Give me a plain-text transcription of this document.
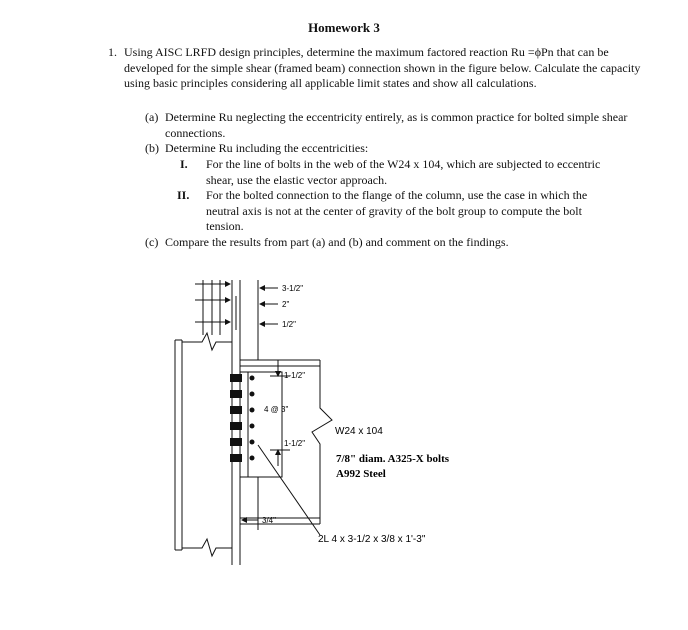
Homework 3
1. Using AISC LRFD design principles, determine the maximum factored reaction Ru =ϕPn that can be developed for the simple shear (framed beam) connection shown in the figure below. Calculate the capacity using basic principles considering all applicable limit states and show all calculations.
(a) Determine Ru neglecting the eccentricity entirely, as is common practice for bolted simple shear connections.
(b) Determine Ru including the eccentricities:
I. For the line of bolts in the web of the W24 x 104, which are subjected to eccentric shear, use the elastic vector approach.
II. For the bolted connection to the flange of the column, use the case in which the neutral axis is not at the center of gravity of the bolt group to compute the bolt tension.
(c) Compare the results from part (a) and (b) and comment on the findings.
3-1/2"
2"
1/2"
1-1/2"
4 @ 3"
1-1/2"
3/4"
W24 x 104
7/8" diam. A325-X bolts
A992 Steel
2L 4 x 3-1/2 x 3/8 x 1'-3"
